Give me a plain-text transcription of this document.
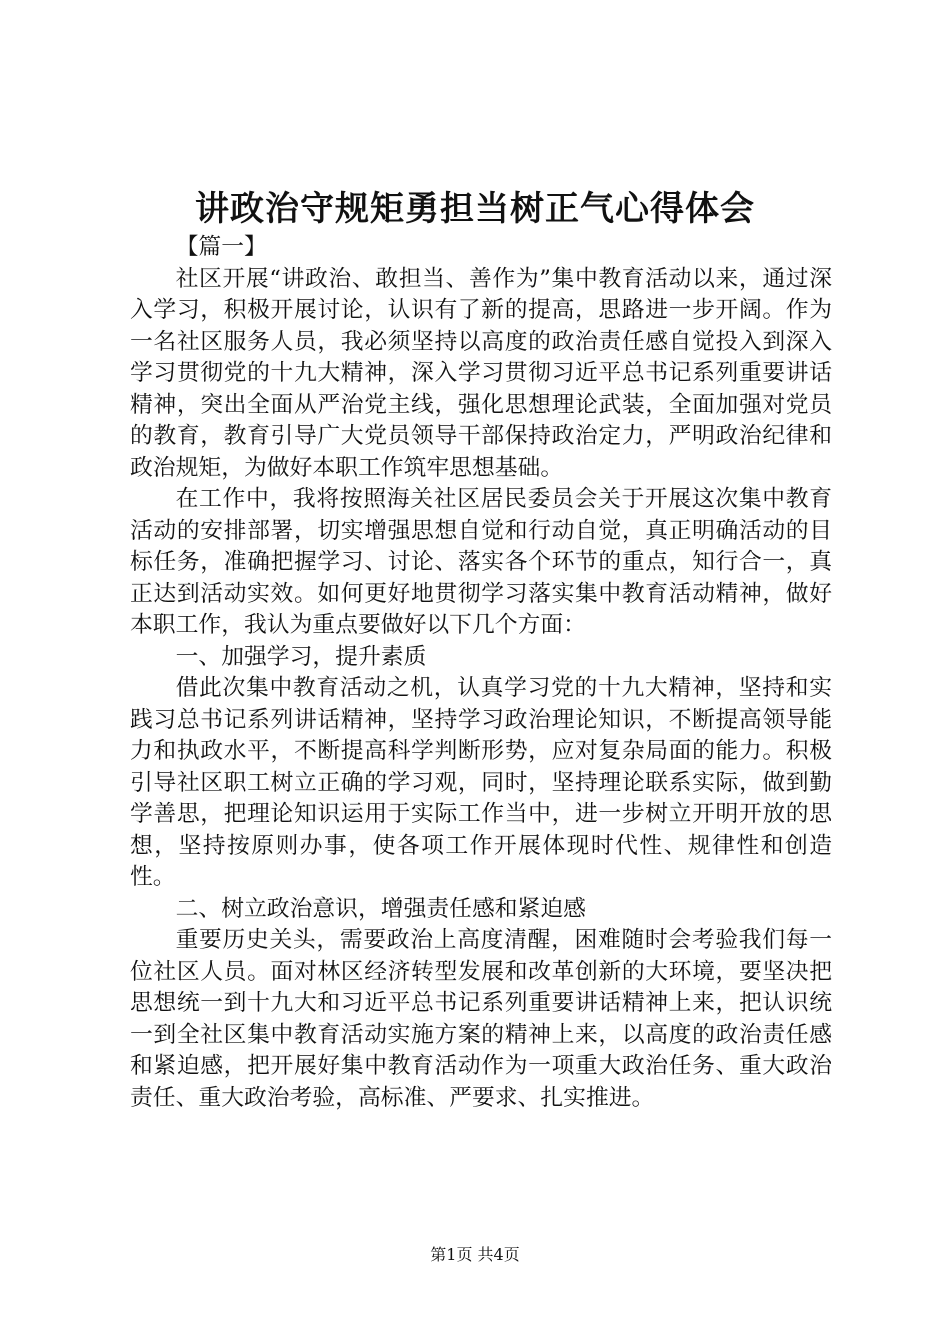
讲政治守规矩勇担当树正气心得体会

【篇一】

社区开展“讲政治、敢担当、善作为”集中教育活动以来，通过深入学习，积极开展讨论，认识有了新的提高，思路进一步开阔。作为一名社区服务人员，我必须坚持以高度的政治责任感自觉投入到深入学习贯彻党的十九大精神，深入学习贯彻习近平总书记系列重要讲话精神，突出全面从严治党主线，强化思想理论武装，全面加强对党员的教育，教育引导广大党员领导干部保持政治定力，严明政治纪律和政治规矩，为做好本职工作筑牢思想基础。

在工作中，我将按照海关社区居民委员会关于开展这次集中教育活动的安排部署，切实增强思想自觉和行动自觉，真正明确活动的目标任务，准确把握学习、讨论、落实各个环节的重点，知行合一，真正达到活动实效。如何更好地贯彻学习落实集中教育活动精神，做好本职工作，我认为重点要做好以下几个方面：

一、加强学习，提升素质

借此次集中教育活动之机，认真学习党的十九大精神，坚持和实践习总书记系列讲话精神，坚持学习政治理论知识，不断提高领导能力和执政水平，不断提高科学判断形势，应对复杂局面的能力。积极引导社区职工树立正确的学习观，同时，坚持理论联系实际，做到勤学善思，把理论知识运用于实际工作当中，进一步树立开明开放的思想，坚持按原则办事，使各项工作开展体现时代性、规律性和创造性。

二、树立政治意识，增强责任感和紧迫感

重要历史关头，需要政治上高度清醒，困难随时会考验我们每一位社区人员。面对林区经济转型发展和改革创新的大环境，要坚决把思想统一到十九大和习近平总书记系列重要讲话精神上来，把认识统一到全社区集中教育活动实施方案的精神上来，以高度的政治责任感和紧迫感，把开展好集中教育活动作为一项重大政治任务、重大政治责任、重大政治考验，高标准、严要求、扎实推进。

第1页 共4页
